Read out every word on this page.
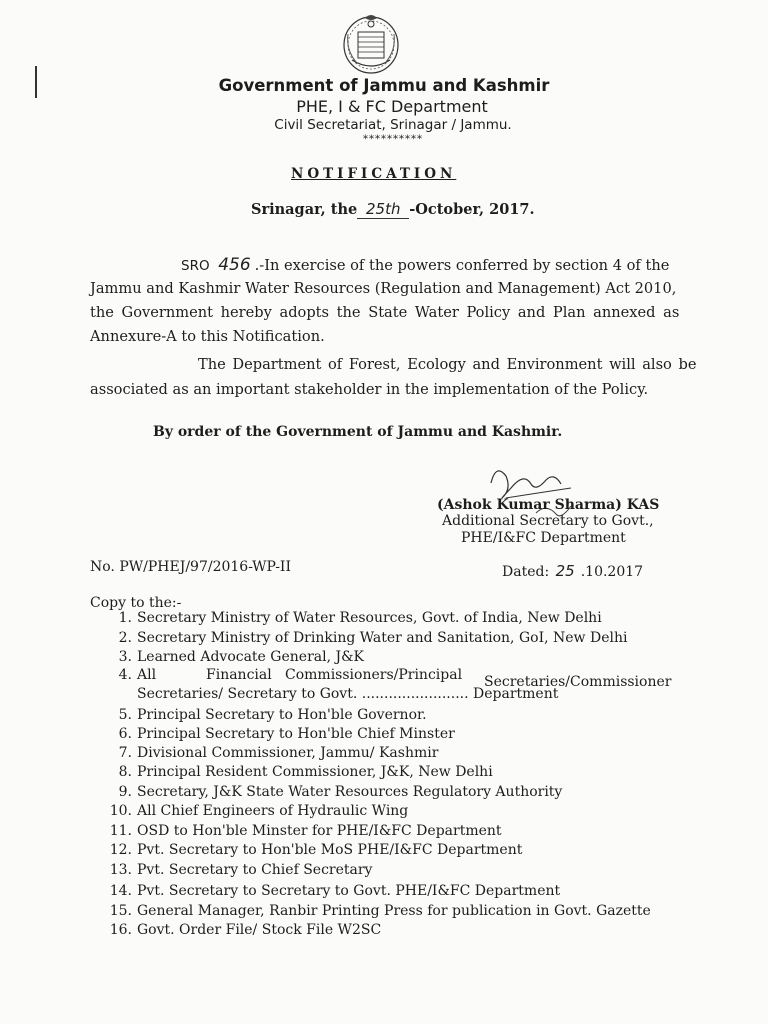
Government of Jammu and Kashmir
PHE, I & FC Department
Civil Secretariat, Srinagar / Jammu.
**********
NOTIFICATION
Srinagar, the 25th -October, 2017.
SRO 456 .-In exercise of the powers conferred by section 4 of the
Jammu and Kashmir Water Resources (Regulation and Management) Act 2010,
the Government hereby adopts the State Water Policy and Plan annexed as
Annexure-A to this Notification.
The Department of Forest, Ecology and Environment will also be
associated as an important stakeholder in the implementation of the Policy.
By order of the Government of Jammu and Kashmir.
(Ashok Kumar Sharma) KAS
Additional Secretary to Govt.,
PHE/I&FC Department
No. PW/PHEJ/97/2016-WP-II	Dated: 25 .10.2017
Copy to the:-
1. Secretary Ministry of Water Resources, Govt. of India, New Delhi
2. Secretary Ministry of Drinking Water and Sanitation, GoI, New Delhi
3. Learned Advocate General, J&K
5. Principal Secretary to Hon'ble Governor.
6. Principal Secretary to Hon'ble Chief Minster
7. Divisional Commissioner, Jammu/ Kashmir
8. Principal Resident Commissioner, J&K, New Delhi
9. Secretary, J&K State Water Resources Regulatory Authority
10. All Chief Engineers of Hydraulic Wing
11. OSD to Hon'ble Minster for PHE/I&FC Department
12. Pvt. Secretary to Hon'ble MoS PHE/I&FC Department
13. Pvt. Secretary to Chief Secretary
14. Pvt. Secretary to Secretary to Govt. PHE/I&FC Department
15. General Manager, Ranbir Printing Press for publication in Govt. Gazette
16. Govt. Order File/ Stock File W2SC
4. All	Financial Commissioners/Principal Secretaries/Commissioner
Secretaries/ Secretary to Govt. ........................ Department
